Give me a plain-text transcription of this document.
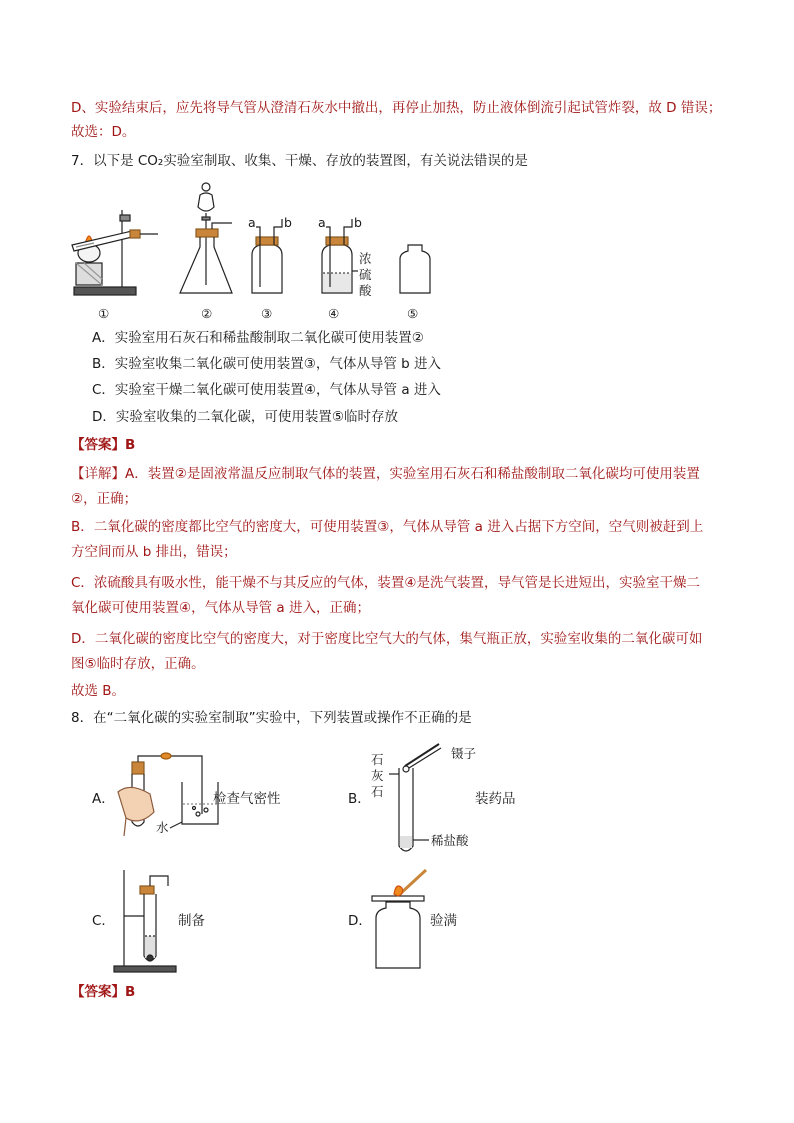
D、实验结束后，应先将导气管从澄清石灰水中撤出，再停止加热，防止液体倒流引起试管炸裂，故 D 错误；
故选：D。
7．以下是 CO₂实验室制取、收集、干燥、存放的装置图，有关说法错误的是
①	②
a b
③
a b
浓
硫
酸
④	⑤
A．实验室用石灰石和稀盐酸制取二氧化碳可使用装置②
B．实验室收集二氧化碳可使用装置③，气体从导管 b 进入
C．实验室干燥二氧化碳可使用装置④，气体从导管 a 进入
D．实验室收集的二氧化碳，可使用装置⑤临时存放
【答案】B
【详解】A．装置②是固液常温反应制取气体的装置，实验室用石灰石和稀盐酸制取二氧化碳均可使用装置
②，正确；
B．二氧化碳的密度都比空气的密度大，可使用装置③，气体从导管 a 进入占据下方空间，空气则被赶到上
方空间而从 b 排出，错误；
C．浓硫酸具有吸水性，能干燥不与其反应的气体，装置④是洗气装置，导气管是长进短出，实验室干燥二
氧化碳可使用装置④，气体从导管 a 进入，正确；
D．二氧化碳的密度比空气的密度大，对于密度比空气大的气体，集气瓶正放，实验室收集的二氧化碳可如
图⑤临时存放，正确。
故选 B。
8．在“二氧化碳的实验室制取”实验中，下列装置或操作不正确的是
A．	检查气密性	B．	装药品
C．	制备	D．	验满
水
镊子
石
灰
石
稀盐酸
【答案】B
